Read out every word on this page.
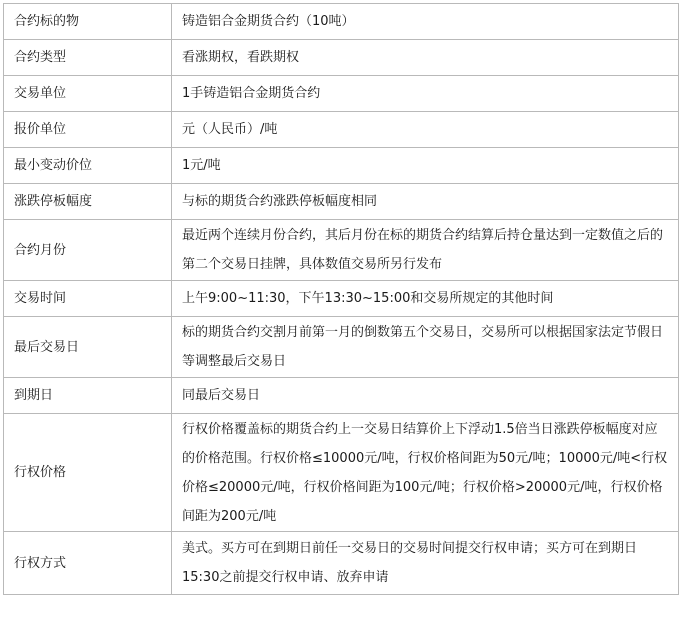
合约标的物	铸造铝合金期货合约（10吨）
合约类型	看涨期权，看跌期权
交易单位	1手铸造铝合金期货合约
报价单位	元（人民币）/吨
最小变动价位	1元/吨
涨跌停板幅度	与标的期货合约涨跌停板幅度相同
合约月份	最近两个连续月份合约，其后月份在标的期货合约结算后持仓量达到一定数值之后的第二个交易日挂牌，具体数值交易所另行发布
交易时间	上午9:00~11:30，下午13:30~15:00和交易所规定的其他时间
最后交易日	标的期货合约交割月前第一月的倒数第五个交易日，交易所可以根据国家法定节假日等调整最后交易日
到期日	同最后交易日
行权价格	行权价格覆盖标的期货合约上一交易日结算价上下浮动1.5倍当日涨跌停板幅度对应的价格范围。行权价格≤10000元/吨，行权价格间距为50元/吨；10000元/吨<行权价格≤20000元/吨，行权价格间距为100元/吨；行权价格>20000元/吨，行权价格间距为200元/吨
行权方式	美式。买方可在到期日前任一交易日的交易时间提交行权申请；买方可在到期日15:30之前提交行权申请、放弃申请
